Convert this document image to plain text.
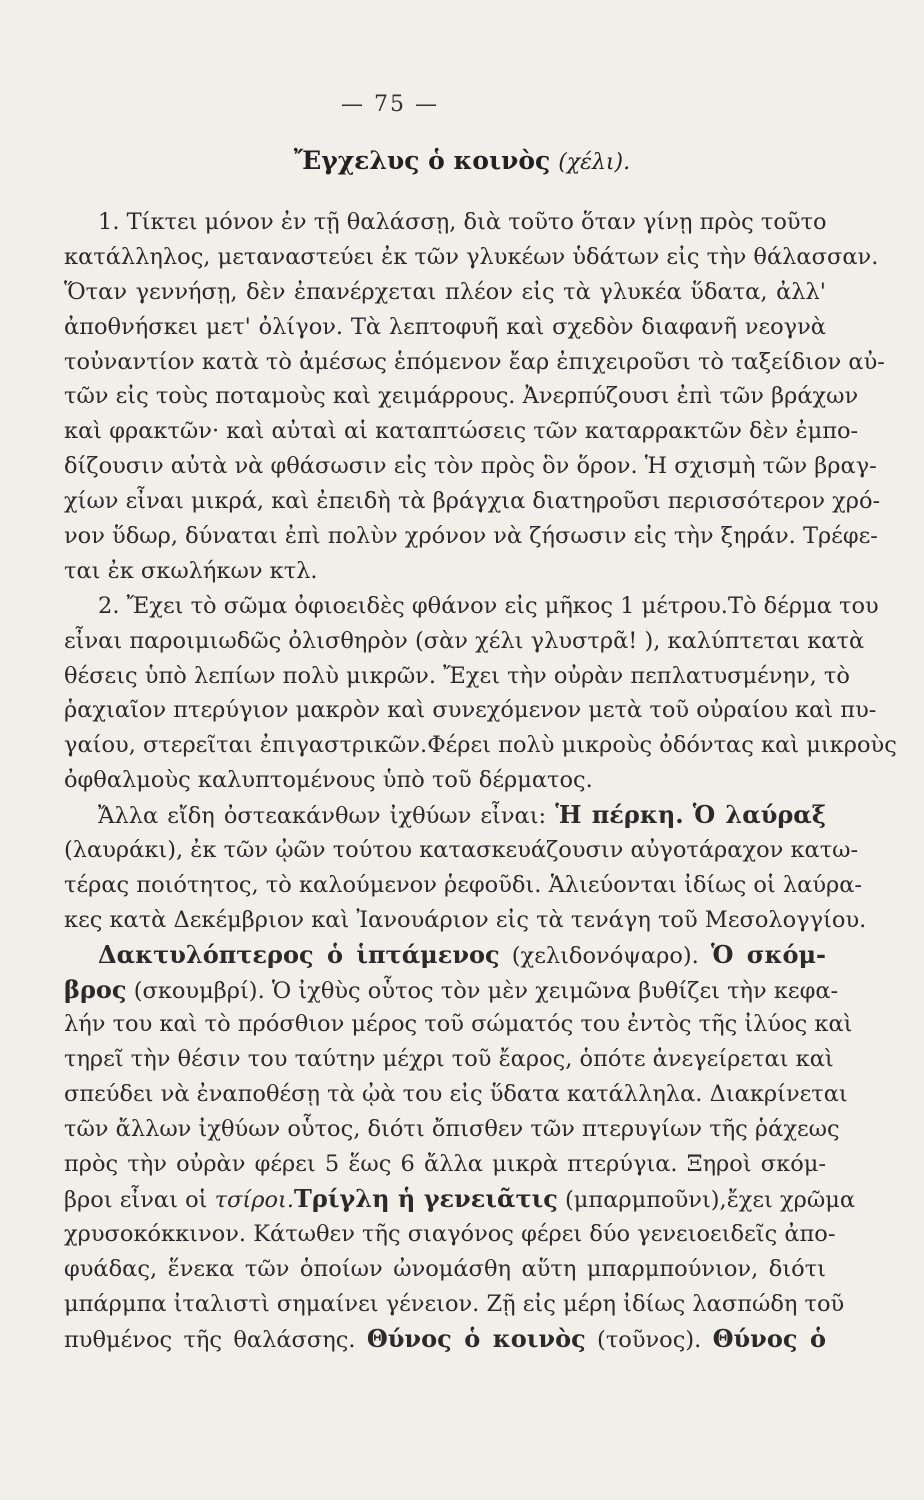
— 75 —
Ἔγχελυς ὁ κοινὸς (χέλι).
1. Τίκτει μόνον ἐν τῇ θαλάσσῃ, διὰ τοῦτο ὅταν γίνῃ πρὸς τοῦτο
κατάλληλος, μεταναστεύει ἐκ τῶν γλυκέων ὑδάτων εἰς τὴν θάλασσαν.
Ὅταν γεννήσῃ, δὲν ἐπανέρχεται πλέον εἰς τὰ γλυκέα ὕδατα, ἀλλ'
ἀποθνήσκει μετ' ὀλίγον. Τὰ λεπτοφυῆ καὶ σχεδὸν διαφανῆ νεογνὰ
τοὐναντίον κατὰ τὸ ἀμέσως ἑπόμενον ἔαρ ἐπιχειροῦσι τὸ ταξείδιον αὐ-
τῶν εἰς τοὺς ποταμοὺς καὶ χειμάρρους. Ἀνερπύζουσι ἐπὶ τῶν βράχων
καὶ φρακτῶν· καὶ αὐταὶ αἱ καταπτώσεις τῶν καταρρακτῶν δὲν ἐμπο-
δίζουσιν αὐτὰ νὰ φθάσωσιν εἰς τὸν πρὸς ὃν ὅρον. Ἡ σχισμὴ τῶν βραγ-
χίων εἶναι μικρά, καὶ ἐπειδὴ τὰ βράγχια διατηροῦσι περισσότερον χρό-
νον ὕδωρ, δύναται ἐπὶ πολὺν χρόνον νὰ ζήσωσιν εἰς τὴν ξηράν. Τρέφε-
ται ἐκ σκωλήκων κτλ.
2. Ἔχει τὸ σῶμα ὀφιοειδὲς φθάνον εἰς μῆκος 1 μέτρου.Τὸ δέρμα του
εἶναι παροιμιωδῶς ὀλισθηρὸν (σὰν χέλι γλυστρᾶ! ), καλύπτεται κατὰ
θέσεις ὑπὸ λεπίων πολὺ μικρῶν. Ἔχει τὴν οὐρὰν πεπλατυσμένην, τὸ
ῥαχιαῖον πτερύγιον μακρὸν καὶ συνεχόμενον μετὰ τοῦ οὐραίου καὶ πυ-
γαίου, στερεῖται ἐπιγαστρικῶν.Φέρει πολὺ μικροὺς ὀδόντας καὶ μικροὺς
ὀφθαλμοὺς καλυπτομένους ὑπὸ τοῦ δέρματος.
Ἄλλα εἴδη ὀστεακάνθων ἰχθύων εἶναι: Ἡ πέρκη. Ὁ λαύραξ
(λαυράκι), ἐκ τῶν ᾠῶν τούτου κατασκευάζουσιν αὐγοτάραχον κατω-
τέρας ποιότητος, τὸ καλούμενον ῥεφοῦδι. Ἁλιεύονται ἰδίως οἱ λαύρα-
κες κατὰ Δεκέμβριον καὶ Ἰανουάριον εἰς τὰ τενάγη τοῦ Μεσολογγίου.
Δακτυλόπτερος ὁ ἱπτάμενος (χελιδονόψαρο). Ὁ σκόμ-
βρος (σκουμβρί). Ὁ ἰχθὺς οὗτος τὸν μὲν χειμῶνα βυθίζει τὴν κεφα-
λήν του καὶ τὸ πρόσθιον μέρος τοῦ σώματός του ἐντὸς τῆς ἰλύος καὶ
τηρεῖ τὴν θέσιν του ταύτην μέχρι τοῦ ἔαρος, ὁπότε ἀνεγείρεται καὶ
σπεύδει νὰ ἐναποθέσῃ τὰ ᾠὰ του εἰς ὕδατα κατάλληλα. Διακρίνεται
τῶν ἄλλων ἰχθύων οὗτος, διότι ὄπισθεν τῶν πτερυγίων τῆς ῥάχεως
πρὸς τὴν οὐρὰν φέρει 5 ἕως 6 ἄλλα μικρὰ πτερύγια. Ξηροὶ σκόμ-
βροι εἶναι οἱ τσίροι.Τρίγλη ἡ γενειᾶτις (μπαρμποῦνι),ἔχει χρῶμα
χρυσοκόκκινον. Κάτωθεν τῆς σιαγόνος φέρει δύο γενειοειδεῖς ἀπο-
φυάδας, ἕνεκα τῶν ὁποίων ὠνομάσθη αὕτη μπαρμπούνιον, διότι
μπάρμπα ἰταλιστὶ σημαίνει γένειον. Ζῇ εἰς μέρη ἰδίως λασπώδη τοῦ
πυθμένος τῆς θαλάσσης. Θύνος ὁ κοινὸς (τοῦνος). Θύνος ὁ
